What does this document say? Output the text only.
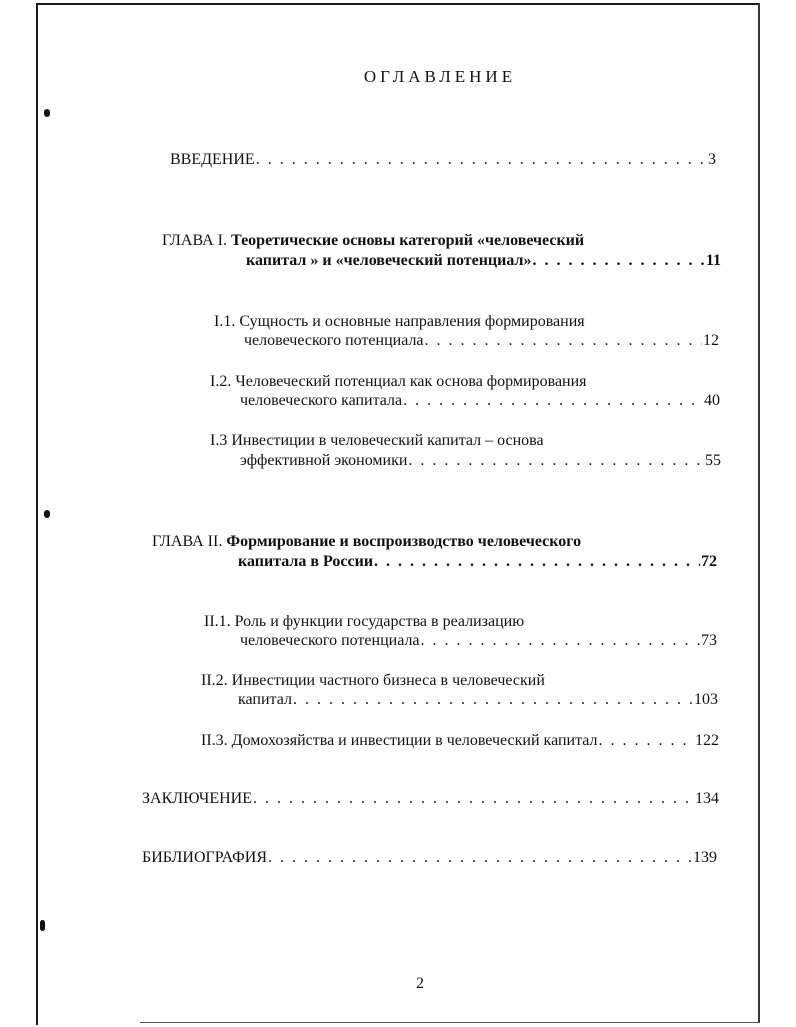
ОГЛАВЛЕНИЕ
ВВЕДЕНИЕ . . .	3
ГЛАВА I. Теоретические основы категорий «человеческий
капитал » и «человеческий потенциал» . . .	11
I.1. Сущность и основные направления формирования
человеческого потенциала . . .	12
I.2. Человеческий потенциал как основа формирования
человеческого капитала . . .	40
I.3 Инвестиции в человеческий капитал – основа
эффективной экономики . . .	55
ГЛАВА II. Формирование и воспроизводство человеческого
капитала в России . . .	72
II.1. Роль и функции государства в реализацию
человеческого потенциала . . .	73
II.2. Инвестиции частного бизнеса в человеческий
капитал . . .	103
II.3.
Домохозяйства и инвестиции в человеческий капитал . . .	122
ЗАКЛЮЧЕНИЕ . . .	134
БИБЛИОГРАФИЯ . . .	139
2
